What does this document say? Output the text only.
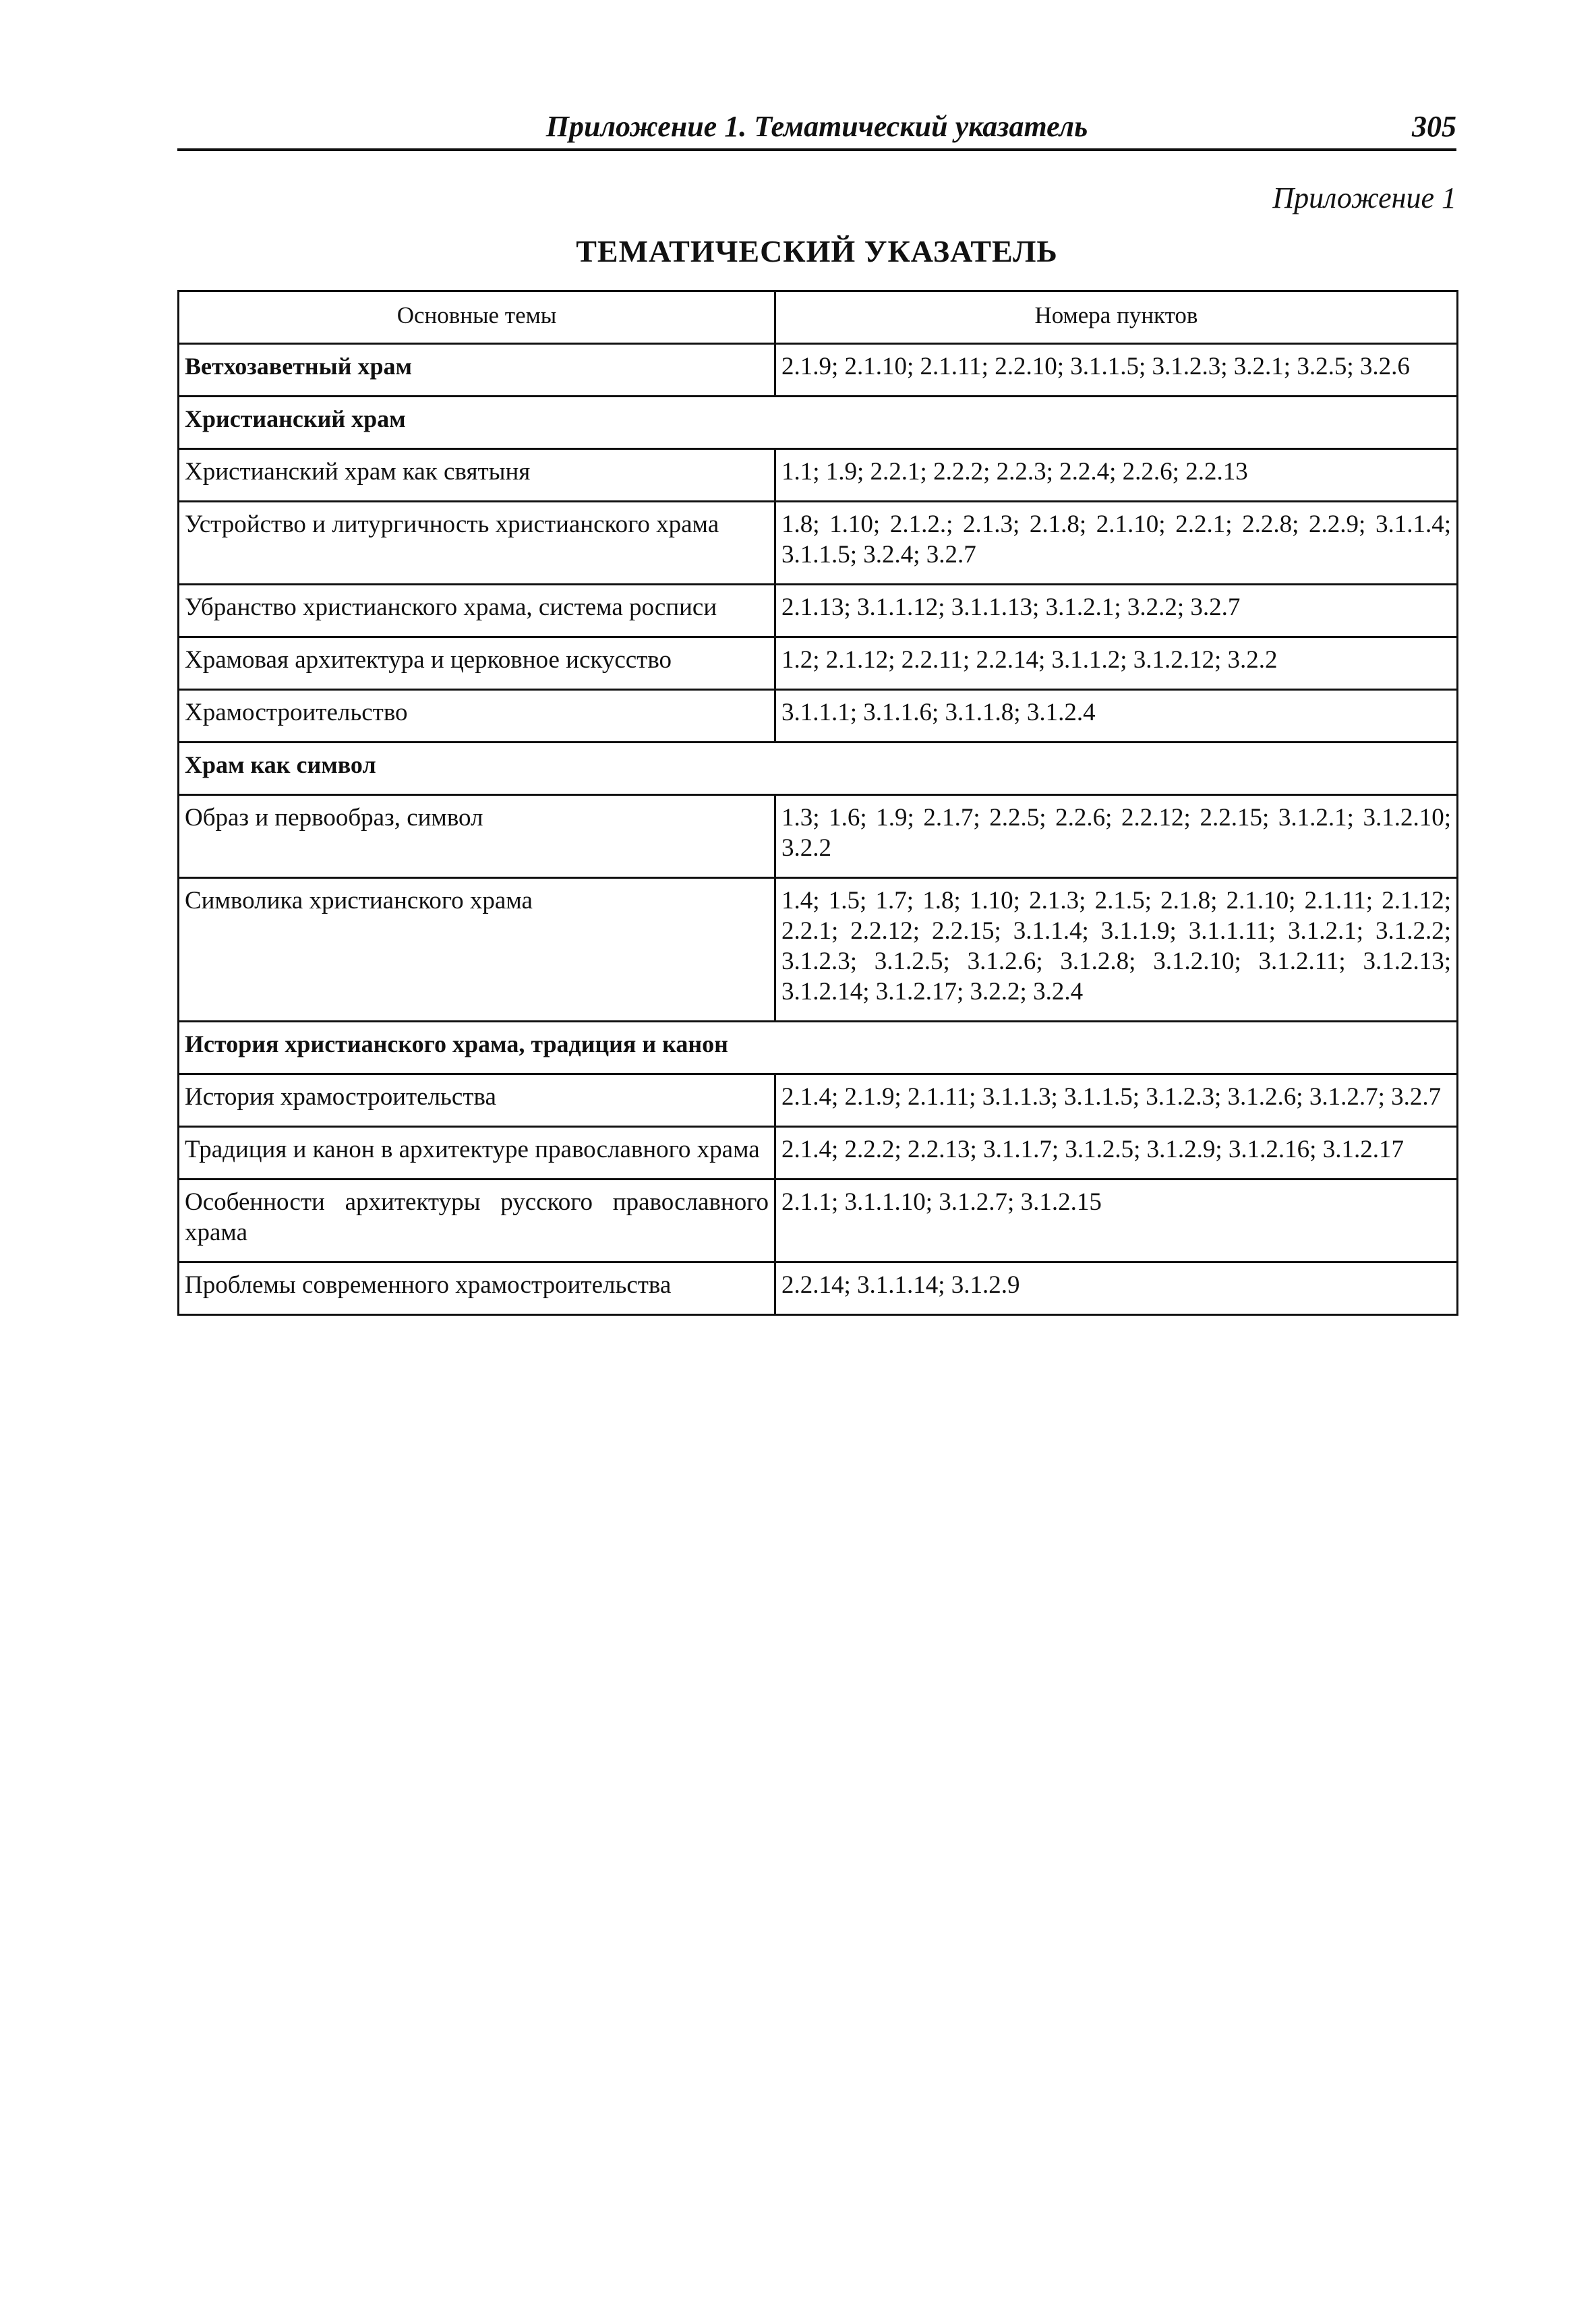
Приложение 1. Тематический указатель	305
Приложение 1
ТЕМАТИЧЕСКИЙ УКАЗАТЕЛЬ
Основные темы	Номера пунктов
Ветхозаветный храм	2.1.9; 2.1.10; 2.1.11; 2.2.10; 3.1.1.5; 3.1.2.3; 3.2.1; 3.2.5; 3.2.6
Христианский храм	
Христианский храм как святыня	1.1; 1.9; 2.2.1; 2.2.2; 2.2.3; 2.2.4; 2.2.6; 2.2.13
Устройство и литургичность христианского храма	1.8; 1.10; 2.1.2.; 2.1.3; 2.1.8; 2.1.10; 2.2.1; 2.2.8; 2.2.9; 3.1.1.4; 3.1.1.5; 3.2.4; 3.2.7
Убранство христианского храма, система росписи	2.1.13; 3.1.1.12; 3.1.1.13; 3.1.2.1; 3.2.2; 3.2.7
Храмовая архитектура и церковное искусство	1.2; 2.1.12; 2.2.11; 2.2.14; 3.1.1.2; 3.1.2.12; 3.2.2
Храмостроительство	3.1.1.1; 3.1.1.6; 3.1.1.8; 3.1.2.4
Храм как символ	
Образ и первообраз, символ	1.3; 1.6; 1.9; 2.1.7; 2.2.5; 2.2.6; 2.2.12; 2.2.15; 3.1.2.1; 3.1.2.10; 3.2.2
Символика христианского храма	1.4; 1.5; 1.7; 1.8; 1.10; 2.1.3; 2.1.5; 2.1.8; 2.1.10; 2.1.11; 2.1.12; 2.2.1; 2.2.12; 2.2.15; 3.1.1.4; 3.1.1.9; 3.1.1.11; 3.1.2.1; 3.1.2.2; 3.1.2.3; 3.1.2.5; 3.1.2.6; 3.1.2.8; 3.1.2.10; 3.1.2.11; 3.1.2.13; 3.1.2.14; 3.1.2.17; 3.2.2; 3.2.4
История христианского храма, традиция и канон	
История храмостроительства	2.1.4; 2.1.9; 2.1.11; 3.1.1.3; 3.1.1.5; 3.1.2.3; 3.1.2.6; 3.1.2.7; 3.2.7
Традиция и канон в архитектуре православного храма	2.1.4; 2.2.2; 2.2.13; 3.1.1.7; 3.1.2.5; 3.1.2.9; 3.1.2.16; 3.1.2.17
Особенности архитектуры русского православного храма	2.1.1; 3.1.1.10; 3.1.2.7; 3.1.2.15
Проблемы современного храмостроительства	2.2.14; 3.1.1.14; 3.1.2.9
